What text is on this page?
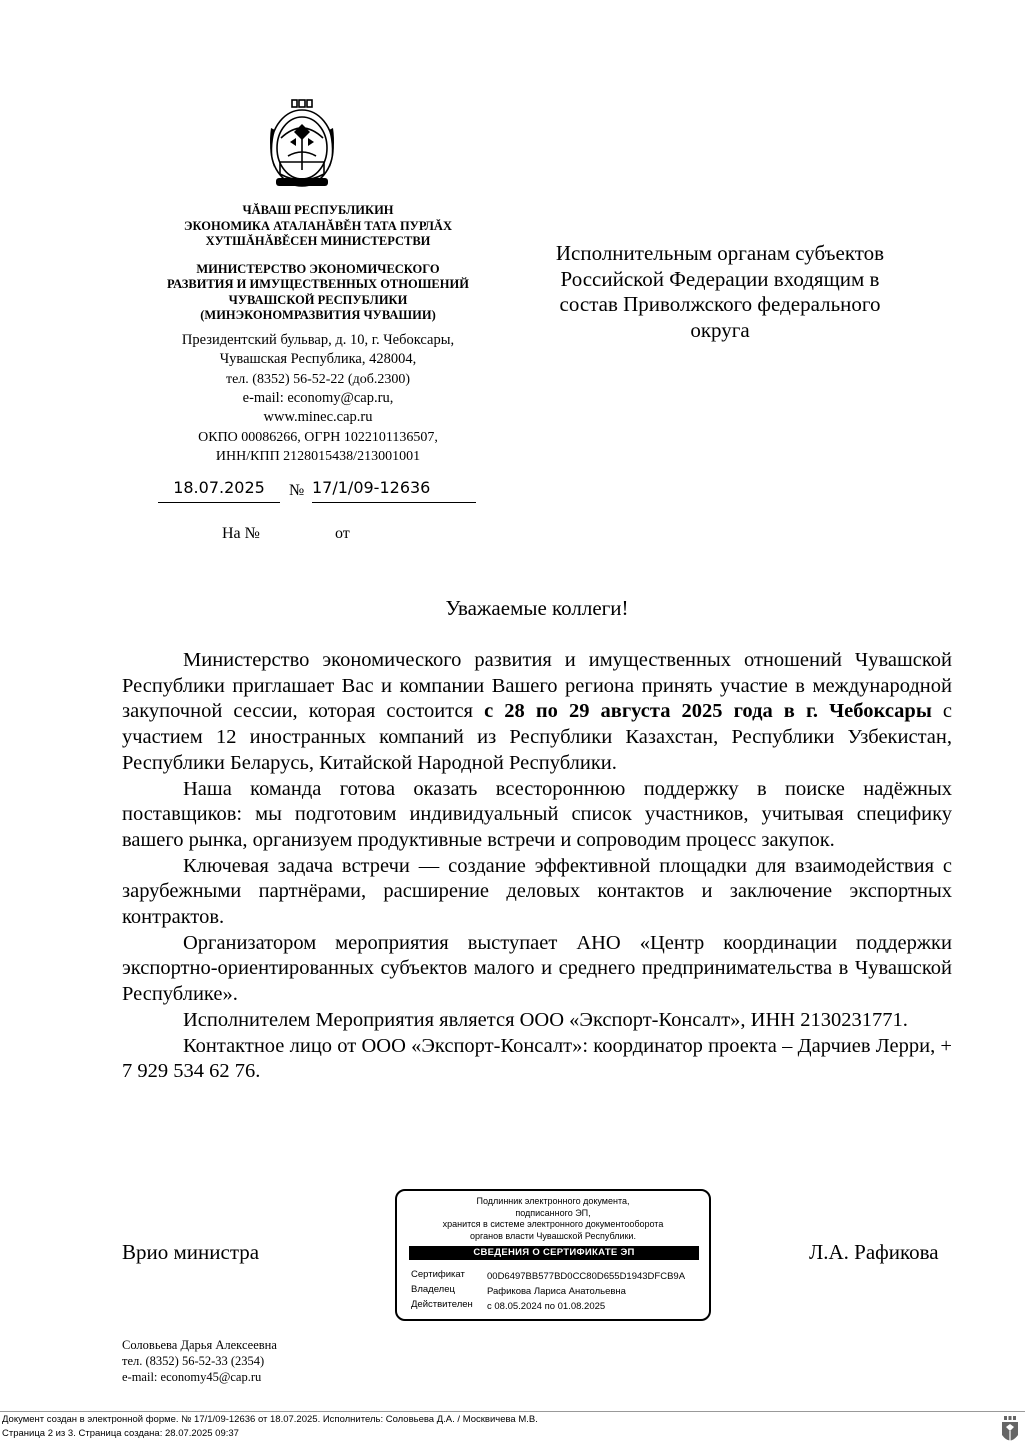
ЧĂВАШ РЕСПУБЛИКИН
ЭКОНОМИКА АТАЛАНĂВĚН ТАТА ПУРЛĂХ
ХУТШĂНĂВĚСЕН МИНИСТЕРСТВИ
МИНИСТЕРСТВО ЭКОНОМИЧЕСКОГО
РАЗВИТИЯ И ИМУЩЕСТВЕННЫХ ОТНОШЕНИЙ
ЧУВАШСКОЙ РЕСПУБЛИКИ
(МИНЭКОНОМРАЗВИТИЯ ЧУВАШИИ)
Президентский бульвар, д. 10, г. Чебоксары,
Чувашская Республика, 428004,
тел. (8352) 56-52-22 (доб.2300)
e-mail: economy@cap.ru,
www.minec.cap.ru
ОКПО 00086266, ОГРН 1022101136507,
ИНН/КПП 2128015438/213001001
18.07.2025	№ 17/1/09-12636
На №	от
Исполнительным органам субъектов
Российской Федерации входящим в
состав Приволжского федерального
округа
Уважаемые коллеги!

Министерство экономического развития и имущественных отношений Чувашской Республики приглашает Вас и компании Вашего региона принять участие в международной закупочной сессии, которая состоится с 28 по 29 августа 2025 года в г. Чебоксары с участием 12 иностранных компаний из Республики Казахстан, Республики Узбекистан, Республики Беларусь, Китайской Народной Республики.

Наша команда готова оказать всестороннюю поддержку в поиске надёжных поставщиков: мы подготовим индивидуальный список участников, учитывая специфику вашего рынка, организуем продуктивные встречи и сопроводим процесс закупок.

Ключевая задача встречи — создание эффективной площадки для взаимодействия с зарубежными партнёрами, расширение деловых контактов и заключение экспортных контрактов.

Организатором мероприятия выступает АНО «Центр координации поддержки экспортно-ориентированных субъектов малого и среднего предпринимательства в Чувашской Республике».

Исполнителем Мероприятия является ООО «Экспорт-Консалт», ИНН 2130231771.

Контактное лицо от ООО «Экспорт-Консалт»: координатор проекта – Дарчиев Лерри, + 7 929 534 62 76.

Врио министра	Л.А. Рафикова
Подлинник электронного документа,
подписанного ЭП,
хранится в системе электронного документооборота
органов власти Чувашской Республики.
СВЕДЕНИЯ О СЕРТИФИКАТЕ ЭП
Сертификат 00D6497BB577BD0CC80D655D1943DFCB9A
Владелец	Рафикова Лариса Анатольевна
Действителен с 08.05.2024 по 01.08.2025
Соловьева Дарья Алексеевна
тел. (8352) 56-52-33 (2354)
e-mail: economy45@cap.ru
Документ создан в электронной форме. № 17/1/09-12636 от 18.07.2025. Исполнитель: Соловьева Д.А. / Москвичева М.В.
Страница 2 из 3. Страница создана: 28.07.2025 09:37
